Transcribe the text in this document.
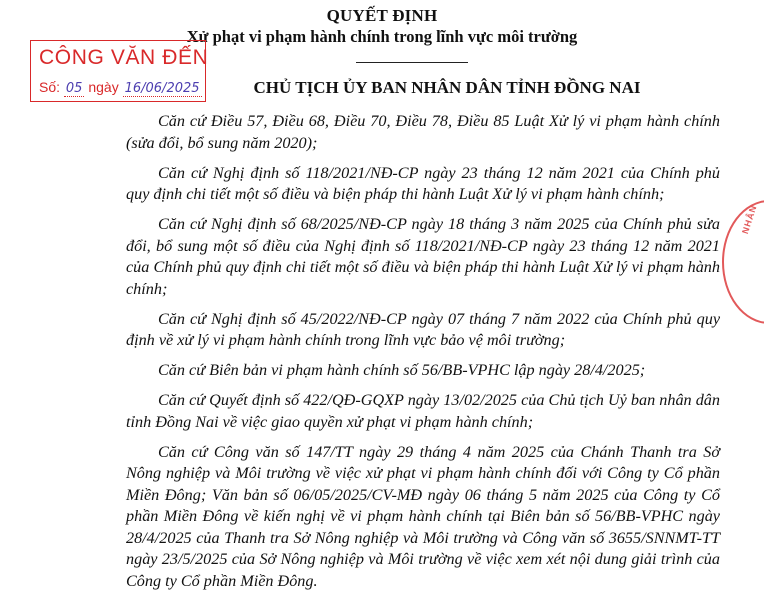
QUYẾT ĐỊNH
Xử phạt vi phạm hành chính trong lĩnh vực môi trường
CÔNG VĂN ĐẾN
Số: 05 ngày 16/06/2025	CHỦ TỊCH ỦY BAN NHÂN DÂN TỈNH ĐỒNG NAI
NHÂN

Căn cứ Điều 57, Điều 68, Điều 70, Điều 78, Điều 85 Luật Xử lý vi phạm hành chính (sửa đổi, bổ sung năm 2020);

Căn cứ Nghị định số 118/2021/NĐ-CP ngày 23 tháng 12 năm 2021 của Chính phủ quy định chi tiết một số điều và biện pháp thi hành Luật Xử lý vi phạm hành chính;

Căn cứ Nghị định số 68/2025/NĐ-CP ngày 18 tháng 3 năm 2025 của Chính phủ sửa đổi, bổ sung một số điều của Nghị định số 118/2021/NĐ-CP ngày 23 tháng 12 năm 2021 của Chính phủ quy định chi tiết một số điều và biện pháp thi hành Luật Xử lý vi phạm hành chính;

Căn cứ Nghị định số 45/2022/NĐ-CP ngày 07 tháng 7 năm 2022 của Chính phủ quy định về xử lý vi phạm hành chính trong lĩnh vực bảo vệ môi trường;

Căn cứ Biên bản vi phạm hành chính số 56/BB-VPHC lập ngày 28/4/2025;

Căn cứ Quyết định số 422/QĐ-GQXP ngày 13/02/2025 của Chủ tịch Uỷ ban nhân dân tỉnh Đồng Nai về việc giao quyền xử phạt vi phạm hành chính;

Căn cứ Công văn số 147/TT ngày 29 tháng 4 năm 2025 của Chánh Thanh tra Sở Nông nghiệp và Môi trường về việc xử phạt vi phạm hành chính đối với Công ty Cổ phần Miền Đông; Văn bản số 06/05/2025/CV-MĐ ngày 06 tháng 5 năm 2025 của Công ty Cổ phần Miền Đông về kiến nghị về vi phạm hành chính tại Biên bản số 56/BB-VPHC ngày 28/4/2025 của Thanh tra Sở Nông nghiệp và Môi trường và Công văn số 3655/SNNMT-TT ngày 23/5/2025 của Sở Nông nghiệp và Môi trường về việc xem xét nội dung giải trình của Công ty Cổ phần Miền Đông.
